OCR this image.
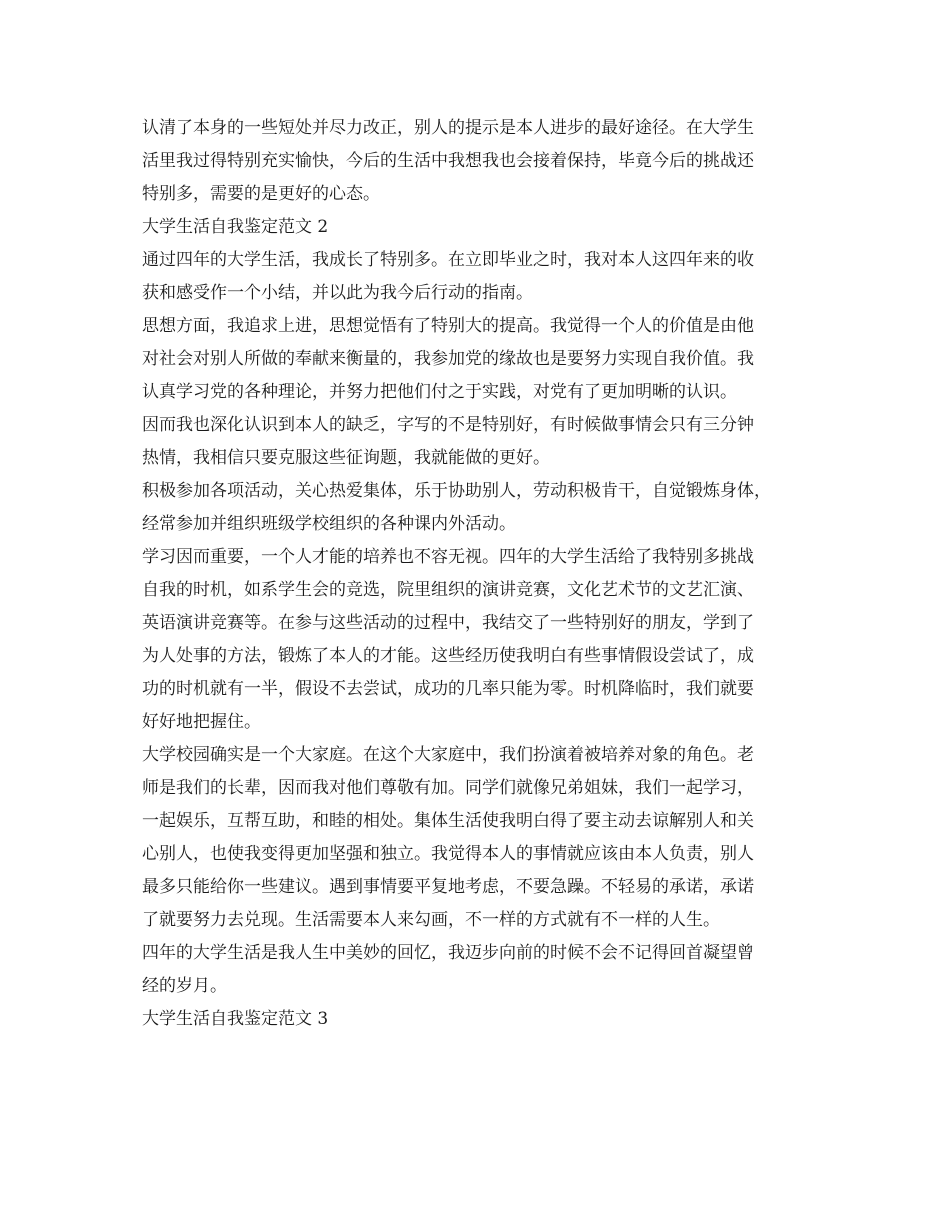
认清了本身的一些短处并尽力改正，别人的提示是本人进步的最好途径。在大学生
活里我过得特别充实愉快，今后的生活中我想我也会接着保持，毕竟今后的挑战还
特别多，需要的是更好的心态。
大学生活自我鉴定范文 2
通过四年的大学生活，我成长了特别多。在立即毕业之时，我对本人这四年来的收
获和感受作一个小结，并以此为我今后行动的指南。
思想方面，我追求上进，思想觉悟有了特别大的提高。我觉得一个人的价值是由他
对社会对别人所做的奉献来衡量的，我参加党的缘故也是要努力实现自我价值。我
认真学习党的各种理论，并努力把他们付之于实践，对党有了更加明晰的认识。
因而我也深化认识到本人的缺乏，字写的不是特别好，有时候做事情会只有三分钟
热情，我相信只要克服这些征询题，我就能做的更好。
积极参加各项活动，关心热爱集体，乐于协助别人，劳动积极肯干，自觉锻炼身体，
经常参加并组织班级学校组织的各种课内外活动。
学习因而重要，一个人才能的培养也不容无视。四年的大学生活给了我特别多挑战
自我的时机，如系学生会的竞选，院里组织的演讲竞赛，文化艺术节的文艺汇演、
英语演讲竞赛等。在参与这些活动的过程中，我结交了一些特别好的朋友，学到了
为人处事的方法，锻炼了本人的才能。这些经历使我明白有些事情假设尝试了，成
功的时机就有一半，假设不去尝试，成功的几率只能为零。时机降临时，我们就要
好好地把握住。
大学校园确实是一个大家庭。在这个大家庭中，我们扮演着被培养对象的角色。老
师是我们的长辈，因而我对他们尊敬有加。同学们就像兄弟姐妹，我们一起学习，
一起娱乐，互帮互助，和睦的相处。集体生活使我明白得了要主动去谅解别人和关
心别人，也使我变得更加坚强和独立。我觉得本人的事情就应该由本人负责，别人
最多只能给你一些建议。遇到事情要平复地考虑，不要急躁。不轻易的承诺，承诺
了就要努力去兑现。生活需要本人来勾画，不一样的方式就有不一样的人生。
四年的大学生活是我人生中美妙的回忆，我迈步向前的时候不会不记得回首凝望曾
经的岁月。
大学生活自我鉴定范文 3
